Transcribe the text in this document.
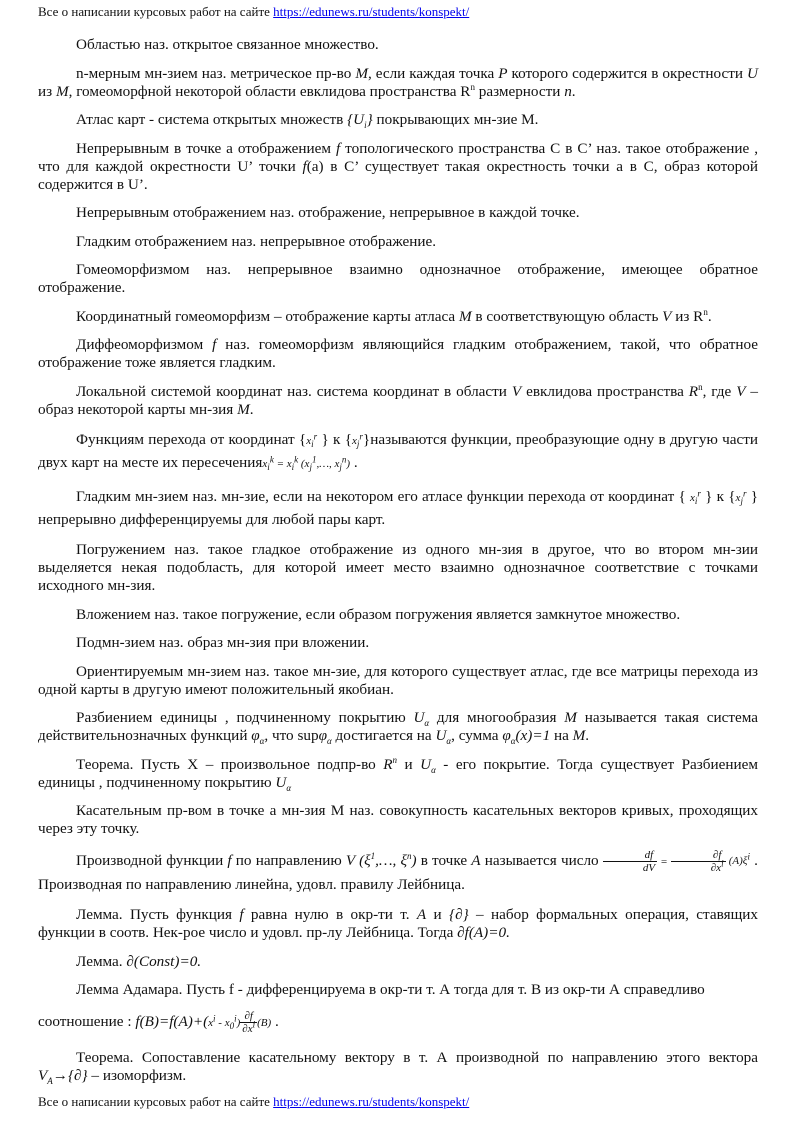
Все о написании курсовых работ на сайте https://edunews.ru/students/konspekt/

Областью наз. открытое связанное множество.

n-мерным мн-зием наз. метрическое пр-во M, если каждая точка P которого содержится в окрестности U из M, гомеоморфной некоторой области евклидова пространства $R^n$ размерности n.

Атлас карт - система открытых множеств $\{U_i\}$ покрывающих мн-зие M.

Непрерывным в точке а отображением f топологического пространства С в С’ наз. такое отображение , что для каждой окрестности U’ точки f(a) в С’ существует такая окрестность точки а в С, образ которой содержится в U’.

Непрерывным отображением наз. отображение, непрерывное в каждой точке.

Гладким отображением наз. непрерывное отображение.

Гомеоморфизмом наз. непрерывное взаимно однозначное отображение, имеющее обратное отображение.

Координатный гомеоморфизм – отображение карты атласа M в соответствующую область V из $R^n$.

Диффеоморфизмом f наз. гомеоморфизм являющийся гладким отображением, такой, что обратное отображение тоже является гладким.

Локальной системой координат наз. система координат в области V евклидова пространства $R^n$, где V – образ некоторой карты мн-зия M.

Функциям перехода от координат {$x_i^r$ } к $\{x_j^r\}называются$ функции, преобразующие одну в другую части двух карт на месте их пересеченияx$_i^k$ = $x_i^k$ ($x_j^1,\dots$, $x_j^n$) .

Гладким мн-зием наз. мн-зие, если на некотором его атласе функции перехода от координат { $x_i^r$ } к {$x_j^r$ }непрерывно дифференцируемы для любой пары карт.

Погружением наз. такое гладкое отображение из одного мн-зия в другое, что во втором мн-зии выделяется некая подобласть, для которой имеет место взаимно однозначное соответствие с точками исходного мн-зия.

Вложением наз. такое погружение, если образом погружения является замкнутое множество.

Подмн-зием наз. образ мн-зия при вложении.

Ориентируемым мн-зием наз. такое мн-зие, для которого существует атлас, где все матрицы перехода из одной карты в другую имеют положительный якобиан.

Разбиением единицы , подчиненному покрытию $U_\alpha$ для многообразия M называется такая система действительнозначных функций $\varphi_\alpha$, что supφ$_\alpha$ достигается на $U_\alpha$, сумма $\varphi_\alpha(x)=1$ на M.

Теорема. Пусть X – произвольное подпр-во $R^n$ и $U_\alpha$ - его покрытие. Тогда существует Разбиением единицы , подчиненному покрытию $U_\alpha$

Касательным пр-вом в точке а мн-зия М наз. совокупность касательных векторов кривых, проходящих через эту точку.

Производной функции f по направлению V ($\xi^1,\dots$, $\xi^n$) в точке A называется число $\frac{df}{dV} = \frac{\partial f}{\partial x^i} (A)\xi^i$ . Производная по направлению линейна, удовл. правилу Лейбница.

Лемма. Пусть функция f равна нулю в окр-ти т. A и {∂} – набор формальных операция, ставящих функции в соотв. Нек-рое число и удовл. пр-лу Лейбница. Тогда ∂f(A)=0.

Лемма. ∂(Const)=0.

Лемма Адамара. Пусть f - дифференцируема в окр-ти т. А тогда для т. В из окр-ти А справедливо

соотношение : $f(B)=f(A)+(x^i - x_0^i) \frac{\partial f}{\partial x^i} (B)$ .

Теорема. Сопоставление касательному вектору в т. А производной по направлению этого вектора $V_A\to\{\partial\}$ – изоморфизм.

Все о написании курсовых работ на сайте https://edunews.ru/students/konspekt/
